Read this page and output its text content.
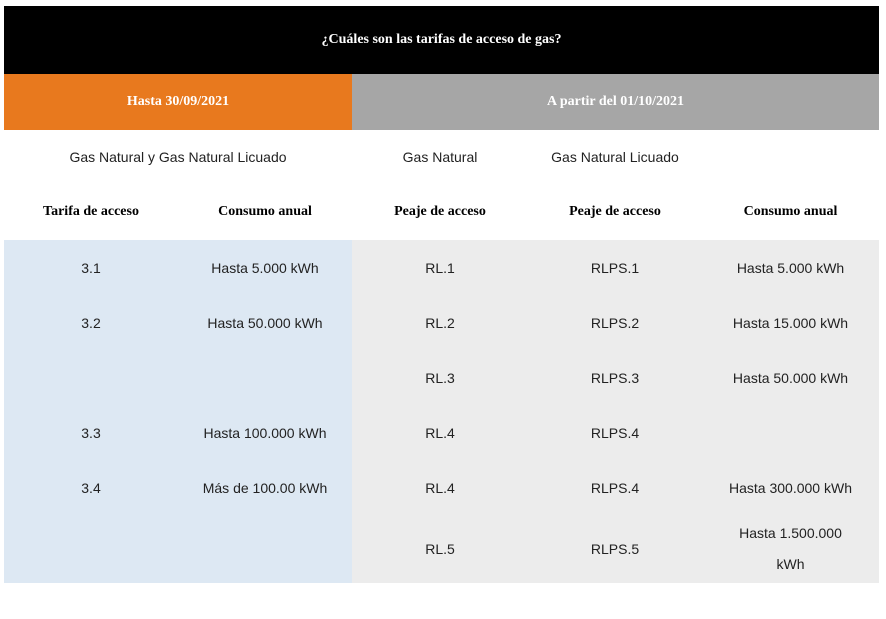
¿Cuáles son las tarifas de acceso de gas?				
Hasta 30/09/2021		A partir del 01/10/2021		
Gas Natural y Gas Natural Licuado		Gas Natural	Gas Natural Licuado	
Tarifa de acceso	Consumo anual	Peaje de acceso	Peaje de acceso	Consumo anual
3.1	Hasta 5.000 kWh	RL.1	RLPS.1	Hasta 5.000 kWh
3.2	Hasta 50.000 kWh	RL.2	RLPS.2	Hasta 15.000 kWh
		RL.3	RLPS.3	Hasta 50.000 kWh
3.3	Hasta 100.000 kWh	RL.4	RLPS.4	
3.4	Más de 100.00 kWh	RL.4	RLPS.4	Hasta 300.000 kWh
		RL.5	RLPS.5	Hasta 1.500.000 kWh
